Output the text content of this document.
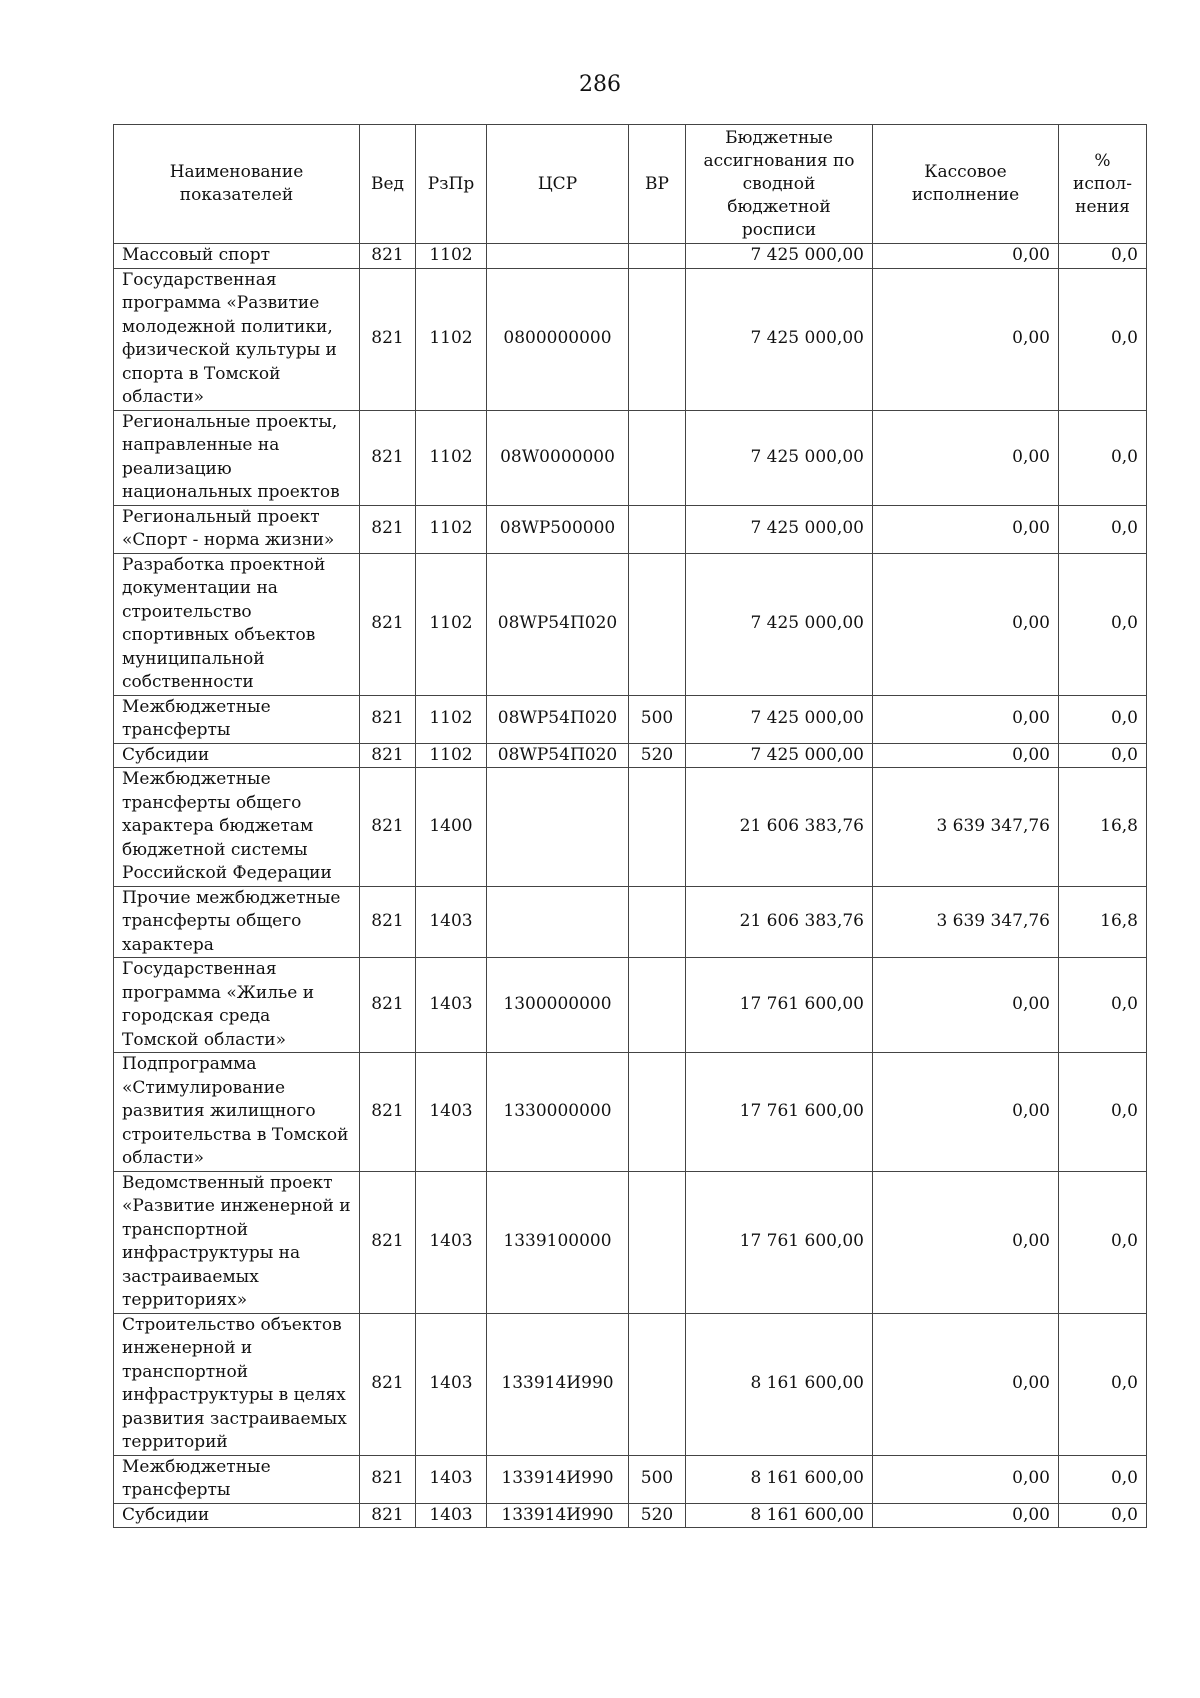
286
Наименование показателей	Вед	РзПр	ЦСР	ВР	Бюджетные ассигнования по сводной бюджетной росписи	Кассовое исполнение	% испол-нения
Массовый спорт	821	1102			7 425 000,00	0,00	0,0
Государственная программа «Развитие молодежной политики, физической культуры и спорта в Томской области»	821	1102	0800000000		7 425 000,00	0,00	0,0
Региональные проекты, направленные на реализацию национальных проектов	821	1102	08W0000000		7 425 000,00	0,00	0,0
Региональный проект «Спорт - норма жизни»	821	1102	08WP500000		7 425 000,00	0,00	0,0
Разработка проектной документации на строительство спортивных объектов муниципальной собственности	821	1102	08WP54П020		7 425 000,00	0,00	0,0
Межбюджетные трансферты	821	1102	08WP54П020	500	7 425 000,00	0,00	0,0
Субсидии	821	1102	08WP54П020	520	7 425 000,00	0,00	0,0
Межбюджетные трансферты общего характера бюджетам бюджетной системы Российской Федерации	821	1400			21 606 383,76	3 639 347,76	16,8
Прочие межбюджетные трансферты общего характера	821	1403			21 606 383,76	3 639 347,76	16,8
Государственная программа «Жилье и городская среда Томской области»	821	1403	1300000000		17 761 600,00	0,00	0,0
Подпрограмма «Стимулирование развития жилищного строительства в Томской области»	821	1403	1330000000		17 761 600,00	0,00	0,0
Ведомственный проект «Развитие инженерной и транспортной инфраструктуры на застраиваемых территориях»	821	1403	1339100000		17 761 600,00	0,00	0,0
Строительство объектов инженерной и транспортной инфраструктуры в целях развития застраиваемых территорий	821	1403	133914И990		8 161 600,00	0,00	0,0
Межбюджетные трансферты	821	1403	133914И990	500	8 161 600,00	0,00	0,0
Субсидии	821	1403	133914И990	520	8 161 600,00	0,00	0,0
